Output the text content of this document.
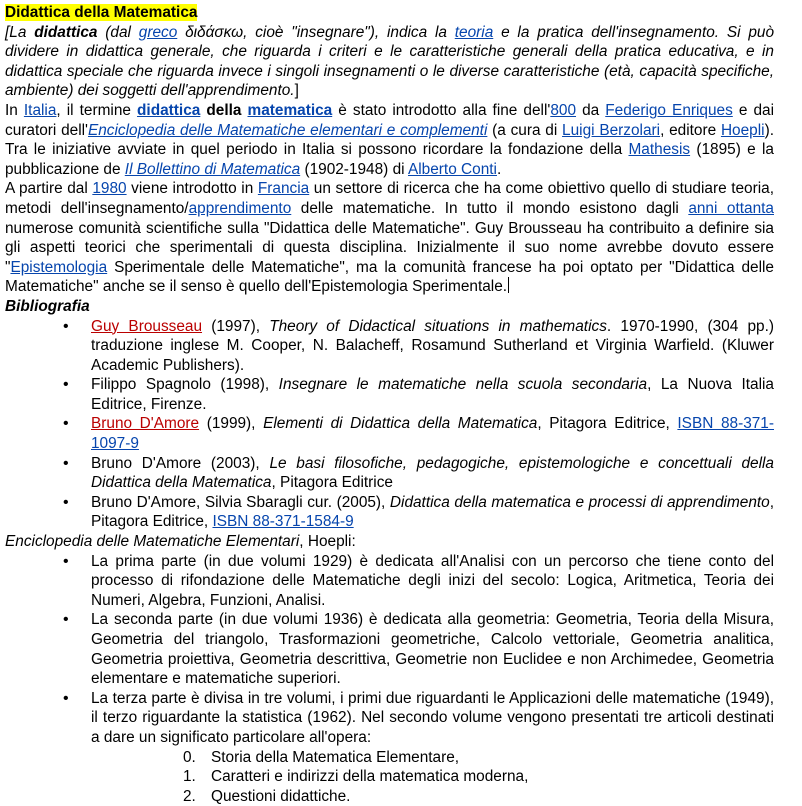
Didattica della Matematica

[La didattica (dal greco διδάσκω, cioè "insegnare"), indica la teoria e la pratica dell'insegnamento. Si può dividere in didattica generale, che riguarda i criteri e le caratteristiche generali della pratica educativa, e in didattica speciale che riguarda invece i singoli insegnamenti o le diverse caratteristiche (età, capacità specifiche, ambiente) dei soggetti dell'apprendimento.]

In Italia, il termine didattica della matematica è stato introdotto alla fine dell'800 da Federigo Enriques e dai curatori dell'Enciclopedia delle Matematiche elementari e complementi (a cura di Luigi Berzolari, editore Hoepli). Tra le iniziative avviate in quel periodo in Italia si possono ricordare la fondazione della Mathesis (1895) e la pubblicazione de Il Bollettino di Matematica (1902-1948) di Alberto Conti.

A partire dal 1980 viene introdotto in Francia un settore di ricerca che ha come obiettivo quello di studiare teoria, metodi dell'insegnamento/apprendimento delle matematiche. In tutto il mondo esistono dagli anni ottanta numerose comunità scientifiche sulla "Didattica delle Matematiche". Guy Brousseau ha contribuito a definire sia gli aspetti teorici che sperimentali di questa disciplina. Inizialmente il suo nome avrebbe dovuto essere "Epistemologia Sperimentale delle Matematiche", ma la comunità francese ha poi optato per "Didattica delle Matematiche" anche se il senso è quello dell'Epistemologia Sperimentale.

Bibliografia
• Guy Brousseau (1997), Theory of Didactical situations in mathematics. 1970-1990, (304 pp.) traduzione inglese M. Cooper, N. Balacheff, Rosamund Sutherland et Virginia Warfield. (Kluwer Academic Publishers).
• Filippo Spagnolo (1998), Insegnare le matematiche nella scuola secondaria, La Nuova Italia Editrice, Firenze.
• Bruno D'Amore (1999), Elementi di Didattica della Matematica, Pitagora Editrice, ISBN 88-371-1097-9
• Bruno D'Amore (2003), Le basi filosofiche, pedagogiche, epistemologiche e concettuali della Didattica della Matematica, Pitagora Editrice
• Bruno D'Amore, Silvia Sbaragli cur. (2005), Didattica della matematica e processi di apprendimento, Pitagora Editrice, ISBN 88-371-1584-9
Enciclopedia delle Matematiche Elementari, Hoepli:
• La prima parte (in due volumi 1929) è dedicata all'Analisi con un percorso che tiene conto del processo di rifondazione delle Matematiche degli inizi del secolo: Logica, Aritmetica, Teoria dei Numeri, Algebra, Funzioni, Analisi.
• La seconda parte (in due volumi 1936) è dedicata alla geometria: Geometria, Teoria della Misura, Geometria del triangolo, Trasformazioni geometriche, Calcolo vettoriale, Geometria analitica, Geometria proiettiva, Geometria descrittiva, Geometrie non Euclidee e non Archimedee, Geometria elementare e matematiche superiori.
• La terza parte è divisa in tre volumi, i primi due riguardanti le Applicazioni delle matematiche (1949), il terzo riguardante la statistica (1962). Nel secondo volume vengono presentati tre articoli destinati a dare un significato particolare all'opera:
0. Storia della Matematica Elementare,
1. Caratteri e indirizzi della matematica moderna,
2. Questioni didattiche.
